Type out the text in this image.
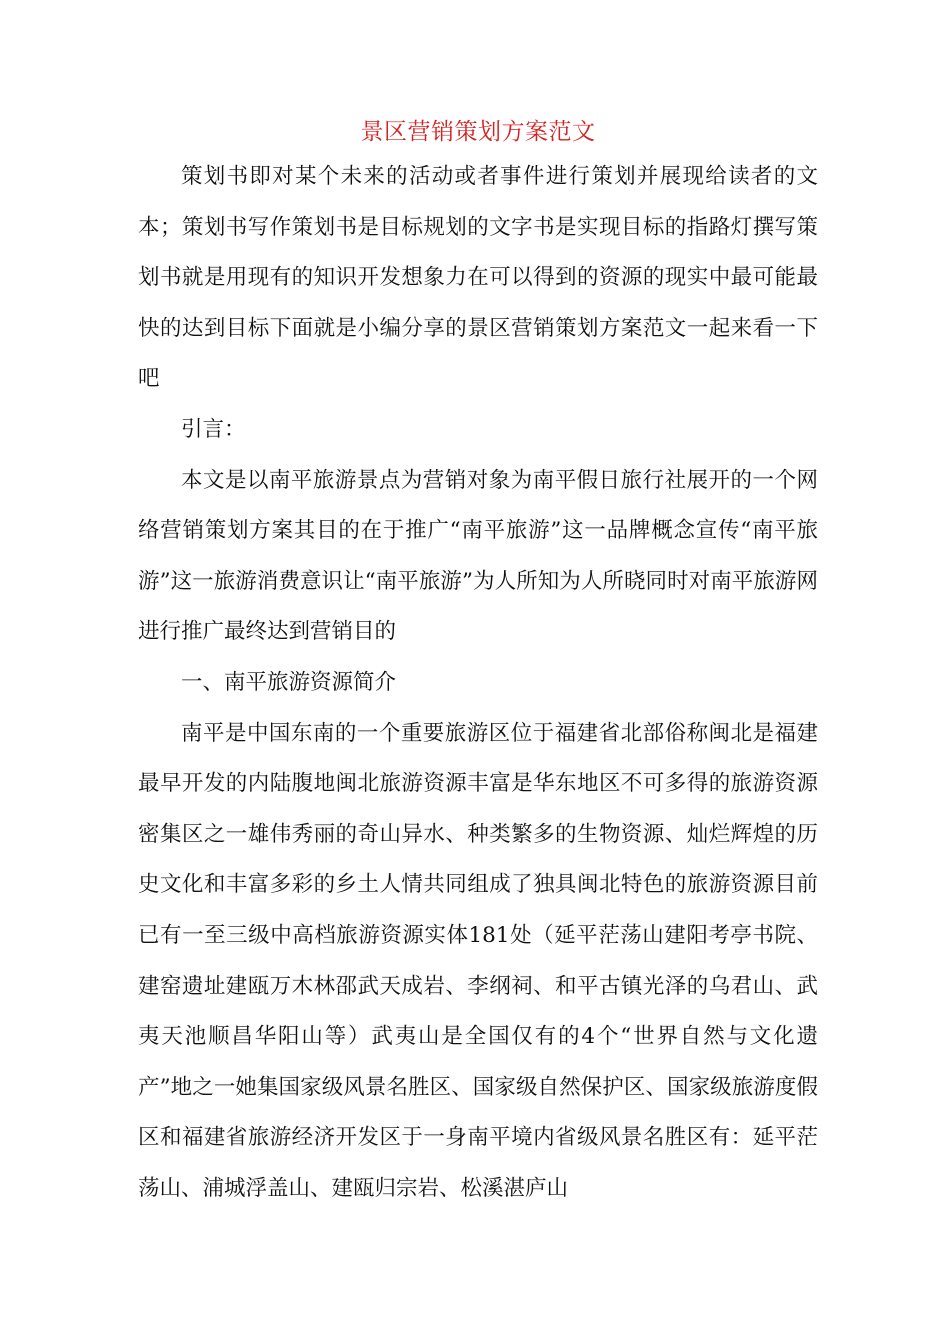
景区营销策划方案范文

策划书即对某个未来的活动或者事件进行策划并展现给读者的文本；策划书写作策划书是目标规划的文字书是实现目标的指路灯撰写策划书就是用现有的知识开发想象力在可以得到的资源的现实中最可能最快的达到目标下面就是小编分享的景区营销策划方案范文一起来看一下吧

引言：

本文是以南平旅游景点为营销对象为南平假日旅行社展开的一个网络营销策划方案其目的在于推广“南平旅游”这一品牌概念宣传“南平旅游”这一旅游消费意识让“南平旅游”为人所知为人所晓同时对南平旅游网进行推广最终达到营销目的

一、南平旅游资源简介

南平是中国东南的一个重要旅游区位于福建省北部俗称闽北是福建最早开发的内陆腹地闽北旅游资源丰富是华东地区不可多得的旅游资源密集区之一雄伟秀丽的奇山异水、种类繁多的生物资源、灿烂辉煌的历史文化和丰富多彩的乡土人情共同组成了独具闽北特色的旅游资源目前已有一至三级中高档旅游资源实体181处（延平茫荡山建阳考亭书院、建窑遗址建瓯万木林邵武天成岩、李纲祠、和平古镇光泽的乌君山、武夷天池顺昌华阳山等）武夷山是全国仅有的4个“世界自然与文化遗产”地之一她集国家级风景名胜区、国家级自然保护区、国家级旅游度假区和福建省旅游经济开发区于一身南平境内省级风景名胜区有：延平茫荡山、浦城浮盖山、建瓯归宗岩、松溪湛庐山
